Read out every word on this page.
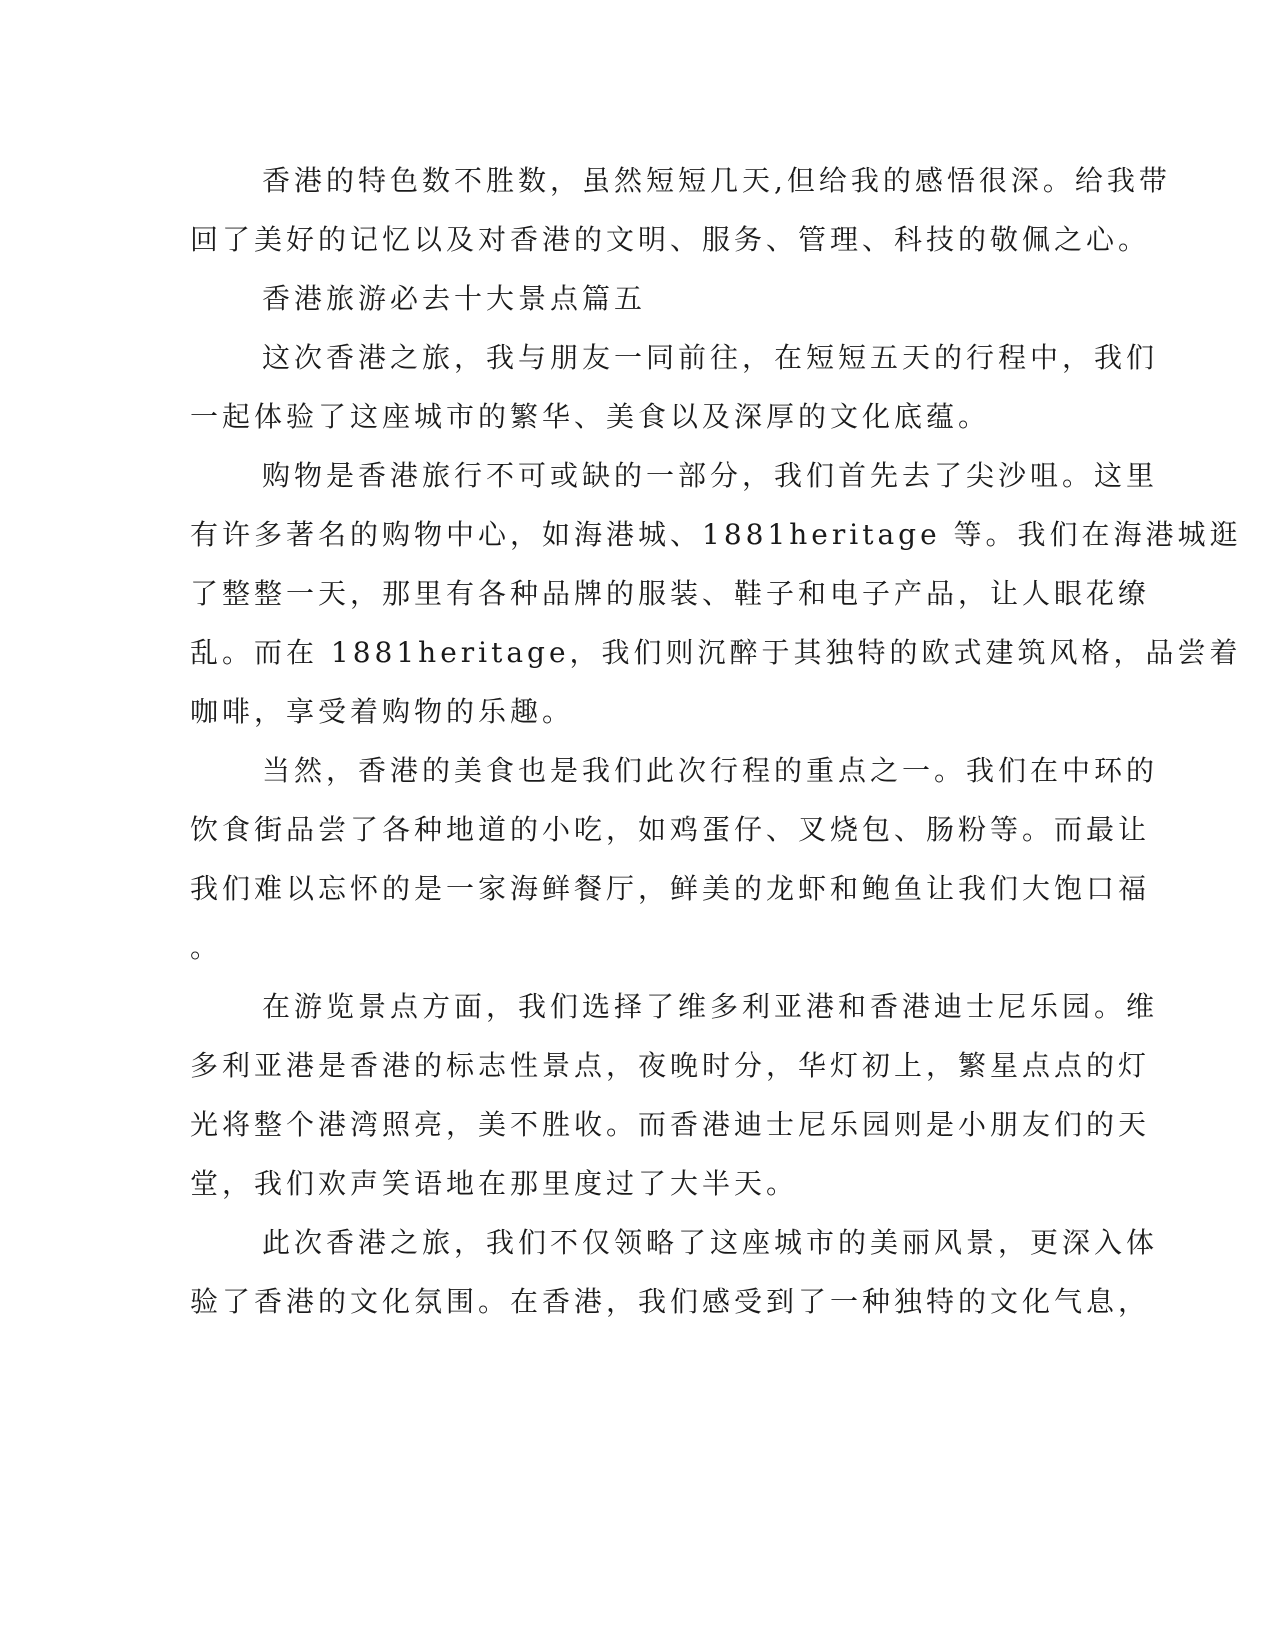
香港的特色数不胜数，虽然短短几天,但给我的感悟很深。给我带
回了美好的记忆以及对香港的文明、服务、管理、科技的敬佩之心。
香港旅游必去十大景点篇五
这次香港之旅，我与朋友一同前往，在短短五天的行程中，我们
一起体验了这座城市的繁华、美食以及深厚的文化底蕴。
购物是香港旅行不可或缺的一部分，我们首先去了尖沙咀。这里
有许多著名的购物中心，如海港城、1881heritage 等。我们在海港城逛
了整整一天，那里有各种品牌的服装、鞋子和电子产品，让人眼花缭
乱。而在 1881heritage，我们则沉醉于其独特的欧式建筑风格，品尝着
咖啡，享受着购物的乐趣。
当然，香港的美食也是我们此次行程的重点之一。我们在中环的
饮食街品尝了各种地道的小吃，如鸡蛋仔、叉烧包、肠粉等。而最让
我们难以忘怀的是一家海鲜餐厅，鲜美的龙虾和鲍鱼让我们大饱口福
。
在游览景点方面，我们选择了维多利亚港和香港迪士尼乐园。维
多利亚港是香港的标志性景点，夜晚时分，华灯初上，繁星点点的灯
光将整个港湾照亮，美不胜收。而香港迪士尼乐园则是小朋友们的天
堂，我们欢声笑语地在那里度过了大半天。
此次香港之旅，我们不仅领略了这座城市的美丽风景，更深入体
验了香港的文化氛围。在香港，我们感受到了一种独特的文化气息，
